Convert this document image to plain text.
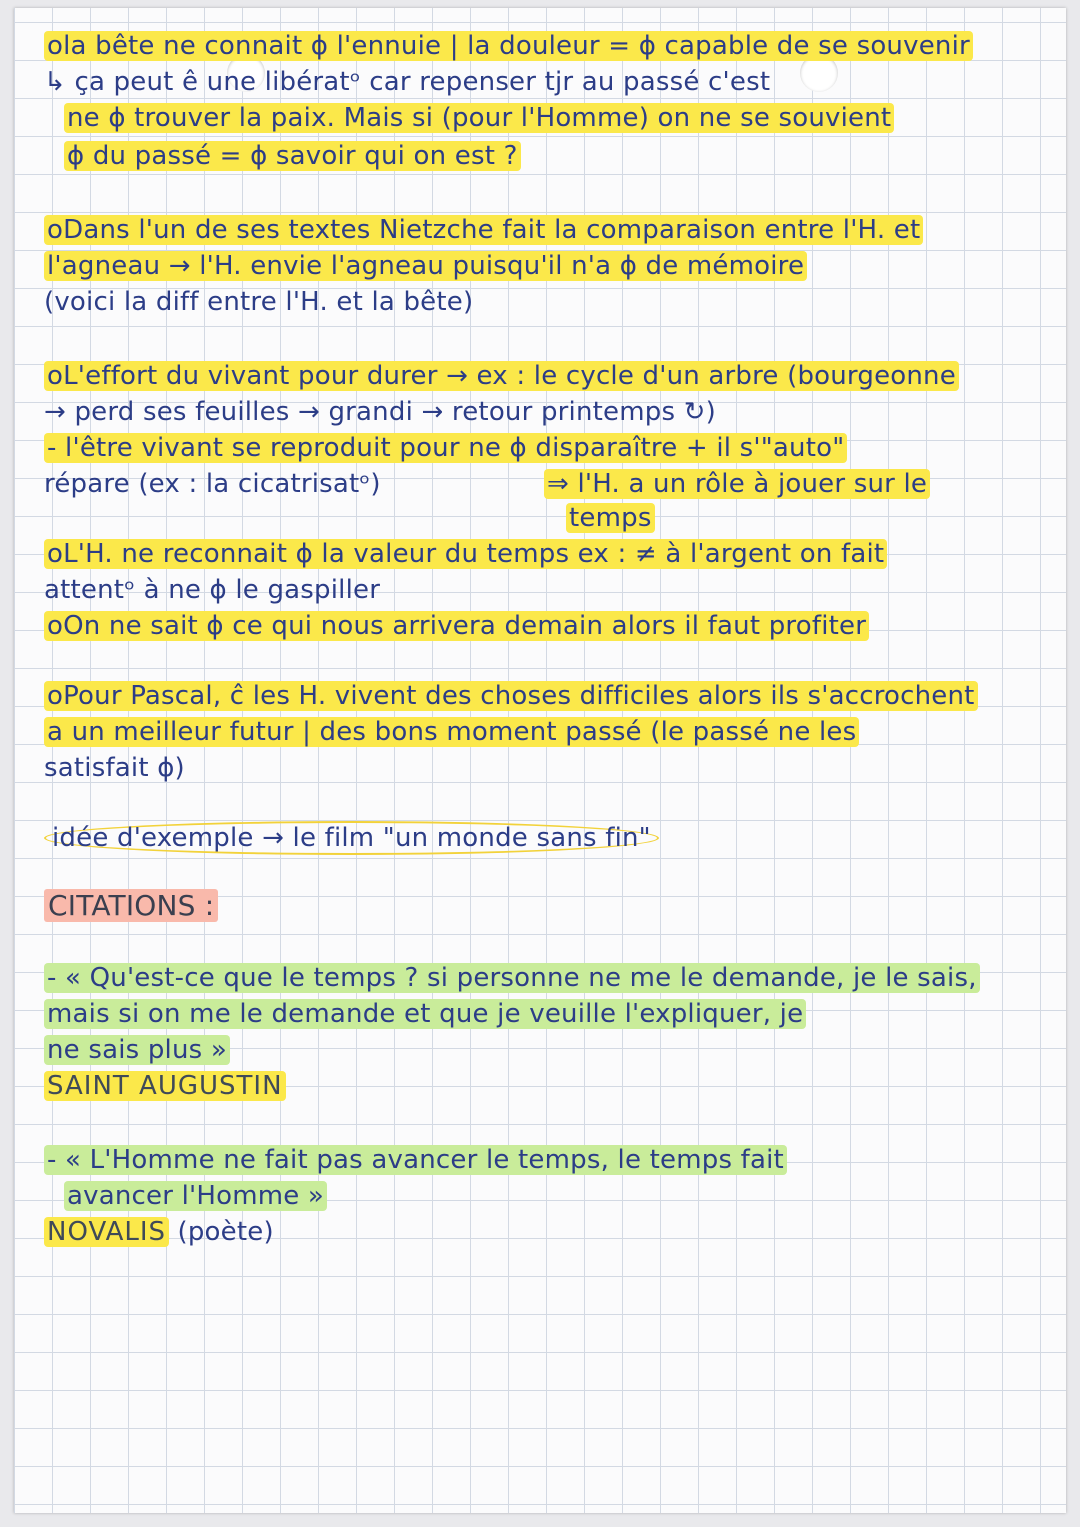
ola bête ne connait ϕ l'ennuie | la douleur = ϕ capable de se souvenir

↳ ça peut ê une libératᵒ car repenser tjr au passé c'est

ne ϕ trouver la paix. Mais si (pour l'Homme) on ne se souvient

ϕ du passé = ϕ savoir qui on est ?

oDans l'un de ses textes Nietzche fait la comparaison entre l'H. et

l'agneau → l'H. envie l'agneau puisqu'il n'a ϕ de mémoire

(voici la diff entre l'H. et la bête)

oL'effort du vivant pour durer → ex : le cycle d'un arbre (bourgeonne

→ perd ses feuilles → grandi → retour printemps ↻)

- l'être vivant se reproduit pour ne ϕ disparaître + il s'"auto"

répare (ex : la cicatrisatᵒ)	⇒ l'H. a un rôle à jouer sur le

temps

oL'H. ne reconnait ϕ la valeur du temps ex : ≠ à l'argent on fait

attentᵒ à ne ϕ le gaspiller

oOn ne sait ϕ ce qui nous arrivera demain alors il faut profiter

oPour Pascal, ĉ les H. vivent des choses difficiles alors ils s'accrochent

a un meilleur futur | des bons moment passé (le passé ne les

satisfait ϕ)

idée d'exemple → le film "un monde sans fin"

CITATIONS :

- « Qu'est-ce que le temps ? si personne ne me le demande, je le sais,

mais si on me le demande et que je veuille l'expliquer, je

ne sais plus »

SAINT AUGUSTIN

- « L'Homme ne fait pas avancer le temps, le temps fait

avancer l'Homme »

NOVALIS (poète)
